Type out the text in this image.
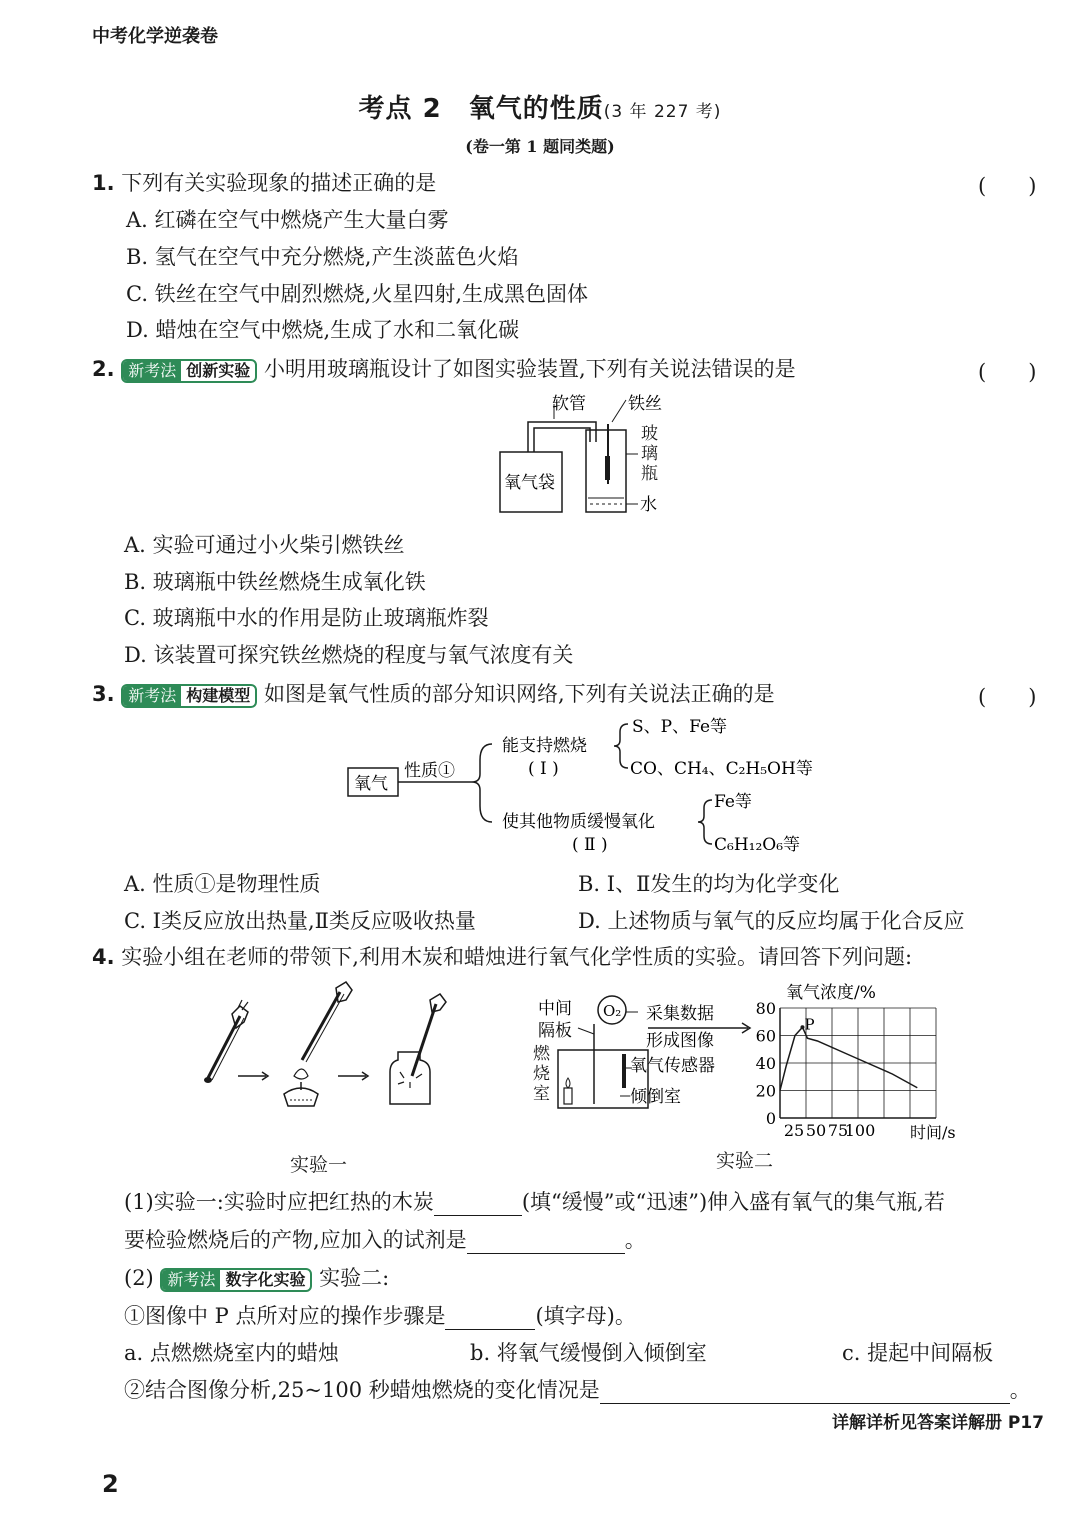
中考化学逆袭卷
考点 2　氧气的性质(3 年 227 考)
(卷一第 1 题同类题)
1. 下列有关实验现象的描述正确的是	(　　)
A. 红磷在空气中燃烧产生大量白雾
B. 氢气在空气中充分燃烧,产生淡蓝色火焰
C. 铁丝在空气中剧烈燃烧,火星四射,生成黑色固体
D. 蜡烛在空气中燃烧,生成了水和二氧化碳
2. 新考法 创新实验 小明用玻璃瓶设计了如图实验装置,下列有关说法错误的是	(　　)
氧气袋
软管 铁丝
水
玻璃瓶
A. 实验可通过小火柴引燃铁丝
B. 玻璃瓶中铁丝燃烧生成氧化铁
C. 玻璃瓶中水的作用是防止玻璃瓶炸裂
D. 该装置可探究铁丝燃烧的程度与氧气浓度有关
3. 新考法 构建模型 如图是氧气性质的部分知识网络,下列有关说法正确的是	(　　)
氧气
性质①
能支持燃烧
( Ⅰ )
使其他物质缓慢氧化
( Ⅱ )
S、P、Fe等
CO、CH₄、C₂H₅OH等
Fe等
C₆H₁₂O₆等
A. 性质①是物理性质	B. Ⅰ、Ⅱ发生的均为化学变化
C. Ⅰ类反应放出热量,Ⅱ类反应吸收热量	D. 上述物质与氧气的反应均属于化合反应
4. 实验小组在老师的带领下,利用木炭和蜡烛进行氧气化学性质的实验。请回答下列问题:
实验一
中间
隔板
O₂ 采集数据
形成图像
氧气传感器
倾倒室
燃烧室
氧气浓度/%
时间/s
0
20
40
60
80
25 50 75
100
P
实验二
(1)实验一:实验时应把红热的木炭	(填“缓慢”或“迅速”)伸入盛有氧气的集气瓶,若
要检验燃烧后的产物,应加入的试剂是	。
(2) 新考法 数字化实验 实验二:
①图像中 P 点所对应的操作步骤是	(填字母)。
a. 点燃燃烧室内的蜡烛	b. 将氧气缓慢倒入倾倒室	c. 提起中间隔板
②结合图像分析,25~100 秒蜡烛燃烧的变化情况是	。
详解详析见答案详解册 P17
2
